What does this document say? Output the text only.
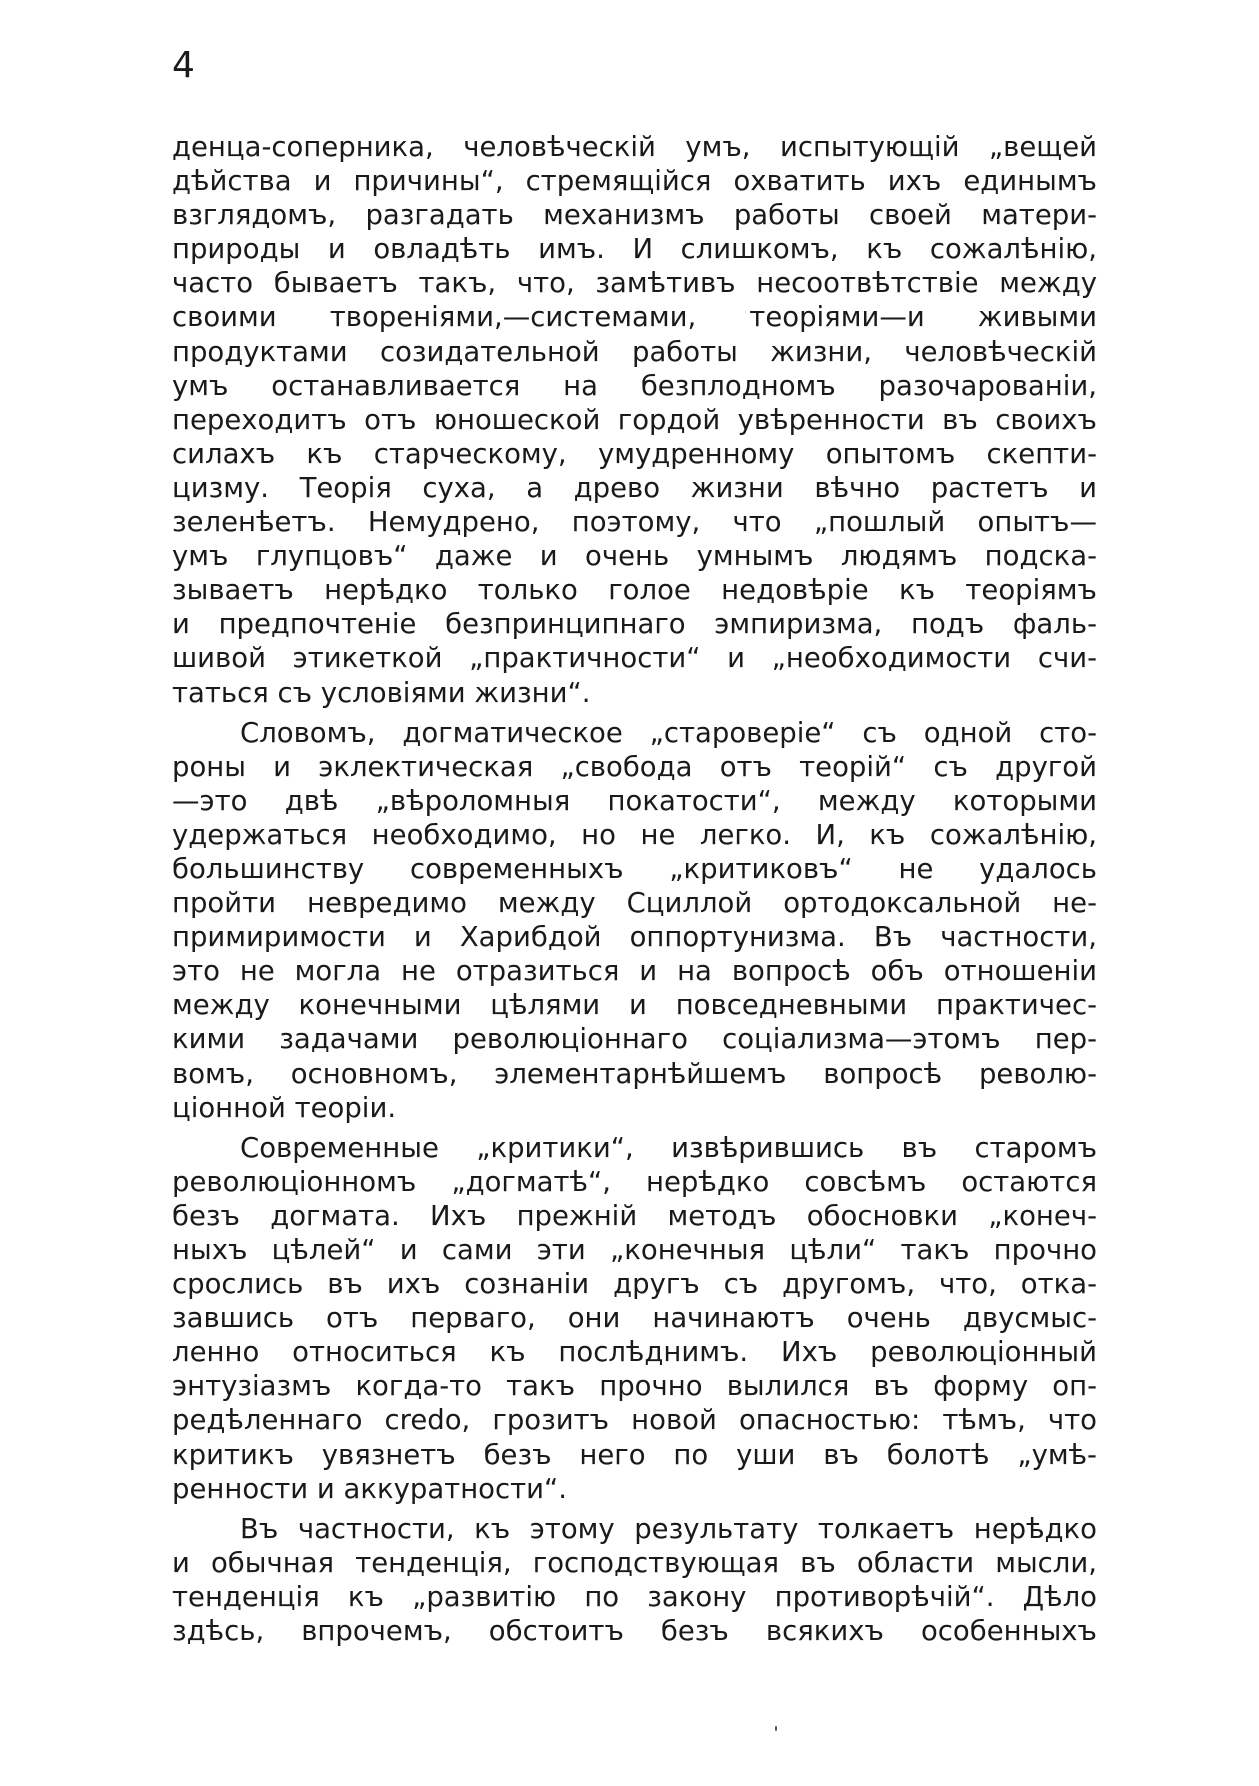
4
денца-соперника, человѣческій умъ, испытующій „вещей
дѣйства и причины“, стремящійся охватить ихъ единымъ
взглядомъ, разгадать механизмъ работы своей матери-
природы и овладѣть имъ. И слишкомъ, къ сожалѣнію,
часто бываетъ такъ, что, замѣтивъ несоотвѣтствіе между
своими твореніями,—системами, теоріями—и живыми
продуктами созидательной работы жизни, человѣческій
умъ останавливается на безплодномъ разочарованіи,
переходитъ отъ юношеской гордой увѣренности въ своихъ
силахъ къ старческому, умудренному опытомъ скепти-
цизму. Теорія суха, а древо жизни вѣчно растетъ и
зеленѣетъ. Немудрено, поэтому, что „пошлый опытъ—
умъ глупцовъ“ даже и очень умнымъ людямъ подска-
зываетъ нерѣдко только голое недовѣріе къ теоріямъ
и предпочтеніе безпринципнаго эмпиризма, подъ фаль-
шивой этикеткой „практичности“ и „необходимости счи-
таться съ условіями жизни“.
Словомъ, догматическое „староверіе“ съ одной сто-
роны и эклектическая „свобода отъ теорій“ съ другой
—это двѣ „вѣроломныя покатости“, между которыми
удержаться необходимо, но не легко. И, къ сожалѣнію,
большинству современныхъ „критиковъ“ не удалось
пройти невредимо между Сциллой ортодоксальной не-
примиримости и Харибдой оппортунизма. Въ частности,
это не могла не отразиться и на вопросѣ объ отношеніи
между конечными цѣлями и повседневными практичес-
кими задачами революціоннаго соціализма—этомъ пер-
вомъ, основномъ, элементарнѣйшемъ вопросѣ револю-
ціонной теоріи.
Современные „критики“, извѣрившись въ старомъ
революціонномъ „догматѣ“, нерѣдко совсѣмъ остаются
безъ догмата. Ихъ прежній методъ обосновки „конеч-
ныхъ цѣлей“ и сами эти „конечныя цѣли“ такъ прочно
срослись въ ихъ сознаніи другъ съ другомъ, что, отка-
завшись отъ перваго, они начинаютъ очень двусмыс-
ленно относиться къ послѣднимъ. Ихъ революціонный
энтузіазмъ когда-то такъ прочно вылился въ форму оп-
редѣленнаго credo, грозитъ новой опасностью: тѣмъ, что
критикъ увязнетъ безъ него по уши въ болотѣ „умѣ-
ренности и аккуратности“.
Въ частности, къ этому результату толкаетъ нерѣдко
и обычная тенденція, господствующая въ области мысли,
тенденція къ „развитію по закону противорѣчій“. Дѣло
здѣсь, впрочемъ, обстоитъ безъ всякихъ особенныхъ
